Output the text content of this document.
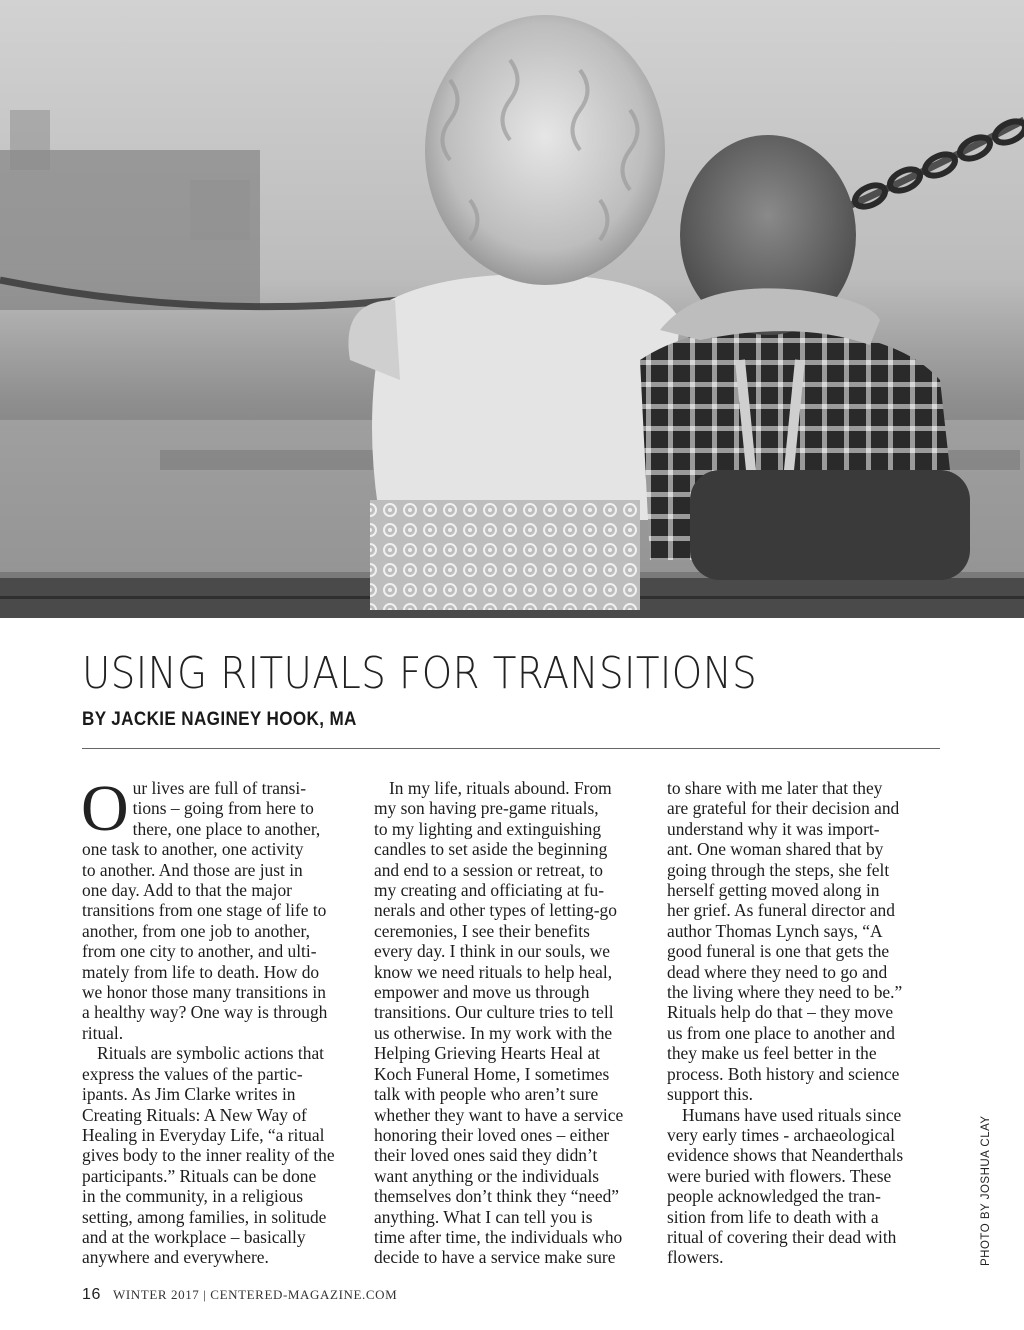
USING RITUALS FOR TRANSITIONS
BY JACKIE NAGINEY HOOK, MA
O ur lives are full of transi-
tions – going from here to
there, one place to another,
one task to another, one activity
to another. And those are just in
one day. Add to that the major
transitions from one stage of life to
another, from one job to another,
from one city to another, and ulti-
mately from life to death. How do
we honor those many transitions in
a healthy way? One way is through
ritual.
Rituals are symbolic actions that
express the values of the partic-
ipants. As Jim Clarke writes in
Creating Rituals: A New Way of
Healing in Everyday Life, “a ritual
gives body to the inner reality of the
participants.” Rituals can be done
in the community, in a religious
setting, among families, in solitude
and at the workplace – basically
anywhere and everywhere.
In my life, rituals abound. From
my son having pre-game rituals,
to my lighting and extinguishing
candles to set aside the beginning
and end to a session or retreat, to
my creating and officiating at fu-
nerals and other types of letting-go
ceremonies, I see their benefits
every day. I think in our souls, we
know we need rituals to help heal,
empower and move us through
transitions. Our culture tries to tell
us otherwise. In my work with the
Helping Grieving Hearts Heal at
Koch Funeral Home, I sometimes
talk with people who aren’t sure
whether they want to have a service
honoring their loved ones – either
their loved ones said they didn’t
want anything or the individuals
themselves don’t think they “need”
anything. What I can tell you is
time after time, the individuals who
decide to have a service make sure
to share with me later that they
are grateful for their decision and
understand why it was import-
ant. One woman shared that by
going through the steps, she felt
herself getting moved along in
her grief. As funeral director and
author Thomas Lynch says, “A
good funeral is one that gets the
dead where they need to go and
the living where they need to be.”
Rituals help do that – they move
us from one place to another and
they make us feel better in the
process. Both history and science
support this.
Humans have used rituals since
very early times - archaeological
evidence shows that Neanderthals
were buried with flowers. These
people acknowledged the tran-
sition from life to death with a
ritual of covering their dead with
flowers.	PHOTO BY JOSHUA CLAY
16 WINTER 2017 | CENTERED-MAGAZINE.COM
